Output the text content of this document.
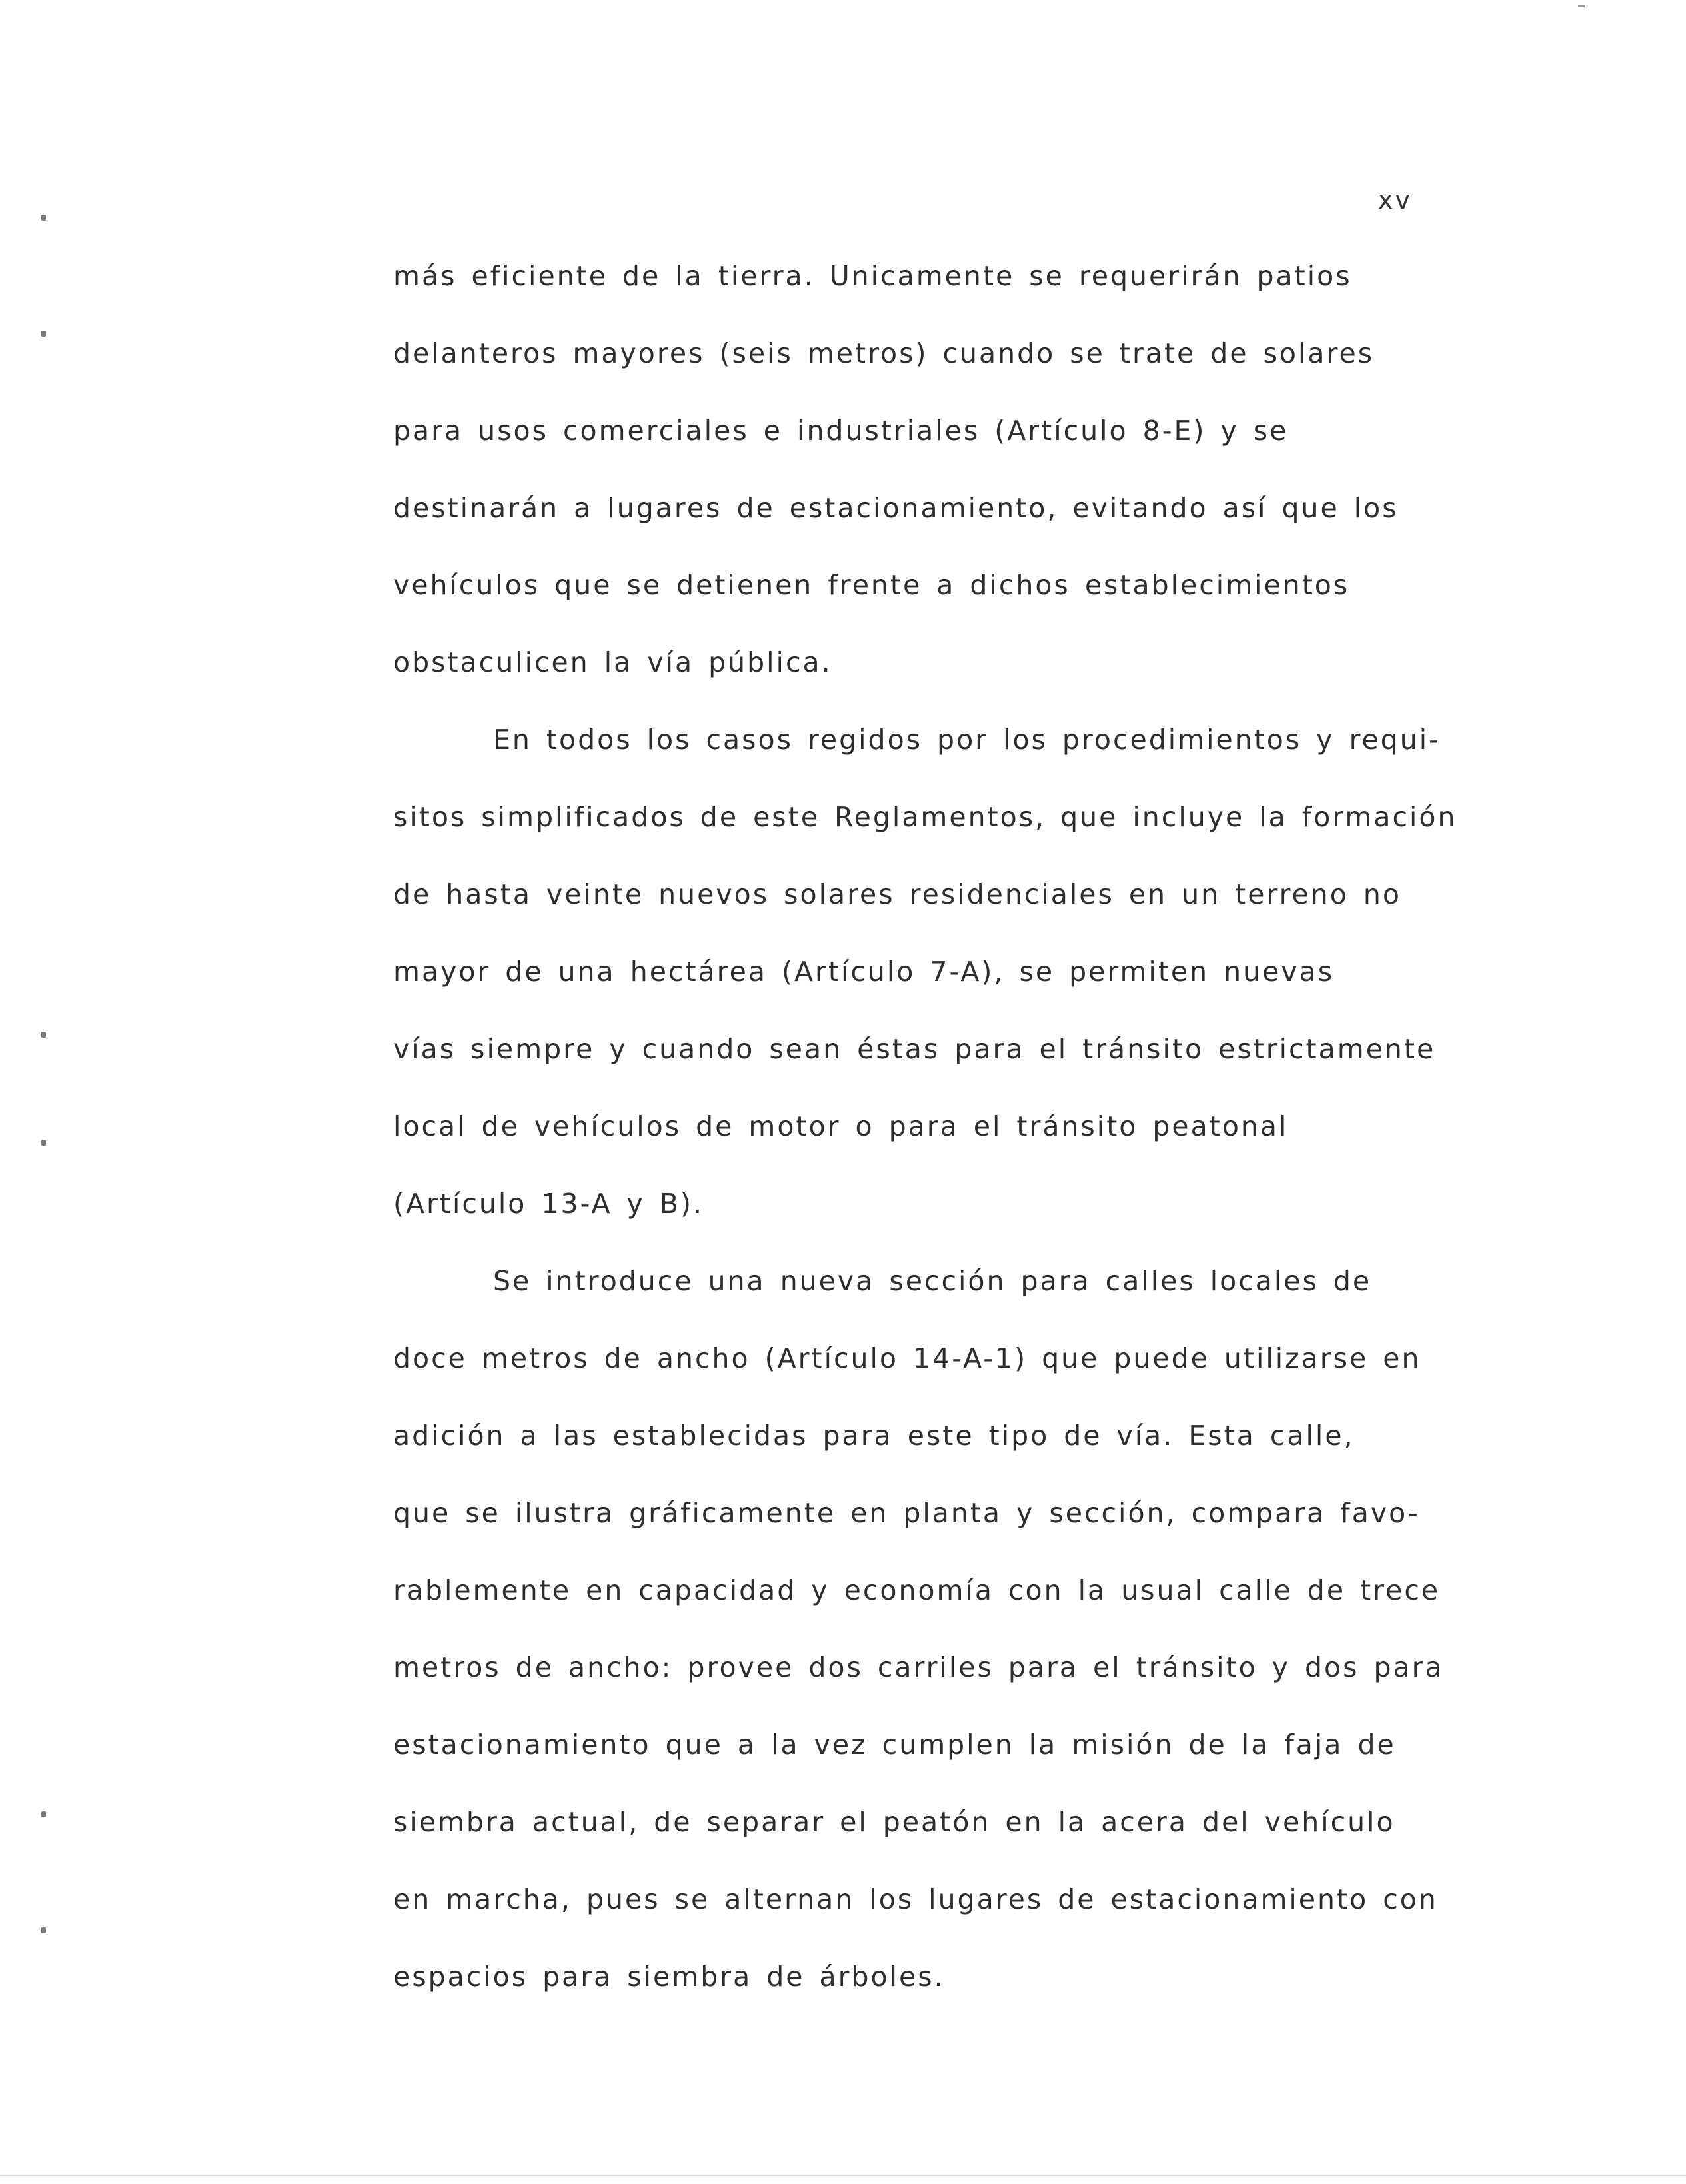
xv
más eficiente de la tierra. Unicamente se requerirán patios
delanteros mayores (seis metros) cuando se trate de solares
para usos comerciales e industriales (Artículo 8-E) y se
destinarán a lugares de estacionamiento, evitando así que los
vehículos que se detienen frente a dichos establecimientos
obstaculicen la vía pública.
En todos los casos regidos por los procedimientos y requi-
sitos simplificados de este Reglamentos, que incluye la formación
de hasta veinte nuevos solares residenciales en un terreno no
mayor de una hectárea (Artículo 7-A), se permiten nuevas
vías siempre y cuando sean éstas para el tránsito estrictamente
local de vehículos de motor o para el tránsito peatonal
(Artículo 13-A y B).
Se introduce una nueva sección para calles locales de
doce metros de ancho (Artículo 14-A-1) que puede utilizarse en
adición a las establecidas para este tipo de vía. Esta calle,
que se ilustra gráficamente en planta y sección, compara favo-
rablemente en capacidad y economía con la usual calle de trece
metros de ancho: provee dos carriles para el tránsito y dos para
estacionamiento que a la vez cumplen la misión de la faja de
siembra actual, de separar el peatón en la acera del vehículo
en marcha, pues se alternan los lugares de estacionamiento con
espacios para siembra de árboles.
